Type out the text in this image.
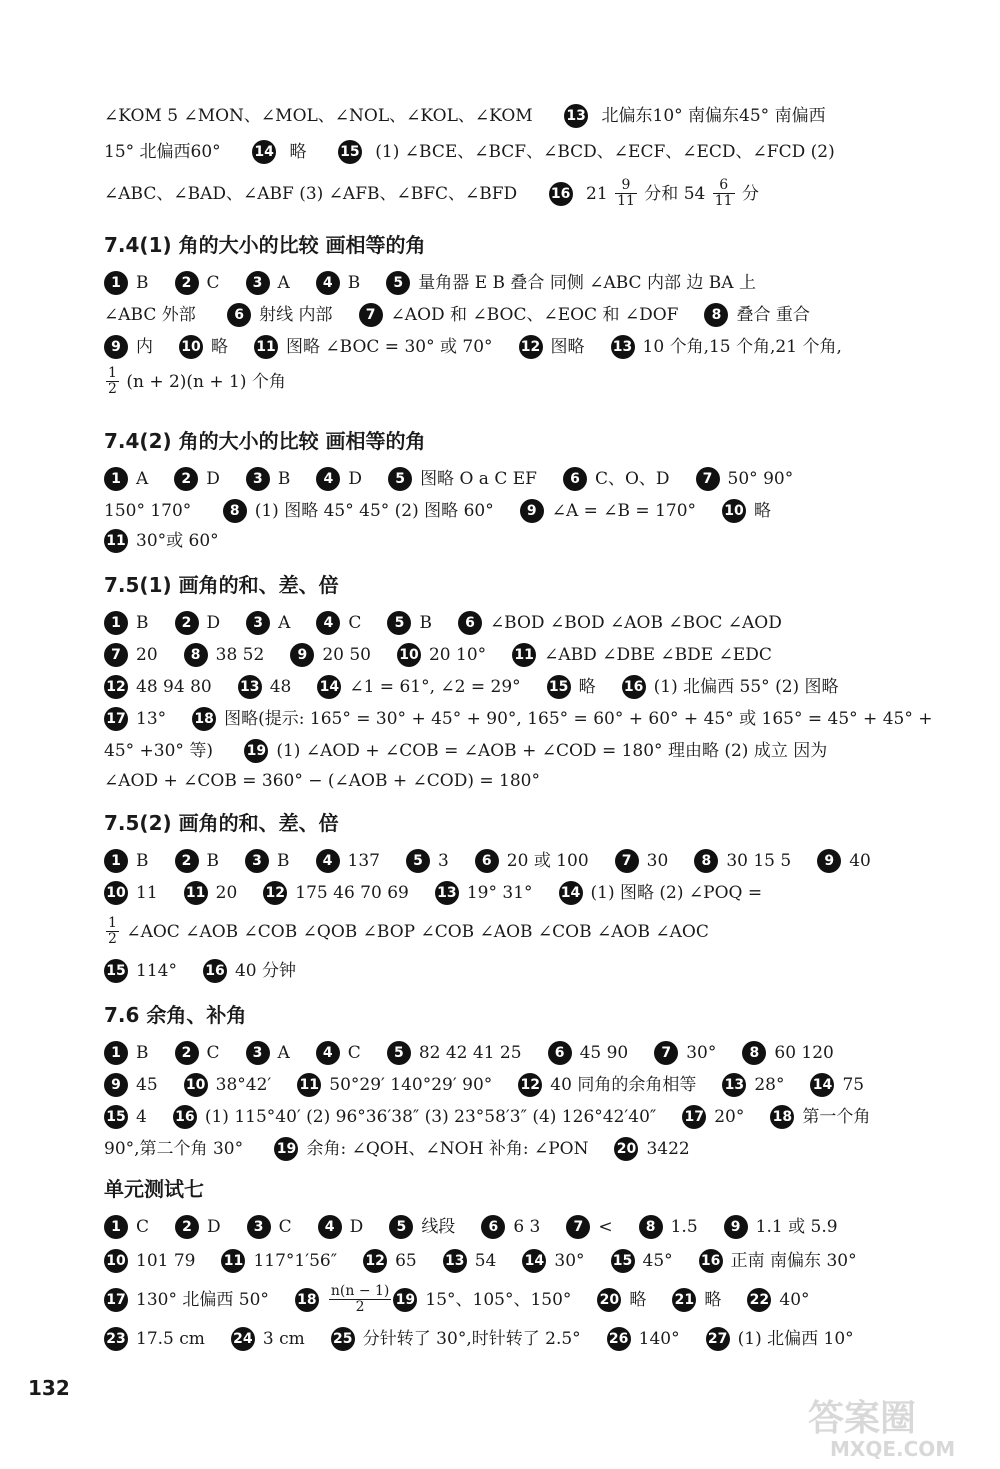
∠KOM 5 ∠MON、∠MOL、∠NOL、∠KOL、∠KOM 13 北偏东10° 南偏东45° 南偏西
15° 北偏西60° 14 略 15 (1) ∠BCE、∠BCF、∠BCD、∠ECF、∠ECD、∠FCD (2)
∠ABC、∠BAD、∠ABF (3) ∠AFB、∠BFC、∠BFD 16 $21 \frac{9}{11}$ 分和 $54 \frac{6}{11}$ 分
7.4(1) 角的大小的比较 画相等的角
1 B 2 C 3 A 4 B 5 量角器 E B 叠合 同侧 ∠ABC 内部 边 BA 上
∠ABC 外部	6 射线 内部 7 ∠AOD 和 ∠BOC、∠EOC 和 ∠DOF 8 叠合 重合
9 内 10 略 11 图略 ∠BOC = 30° 或 70° 12 图略 13 10 个角,15 个角,21 个角,
$\frac{1}{2} (n + 2)(n + 1)$ 个角
7.4(2) 角的大小的比较 画相等的角
1 A 2 D 3 B 4 D 5 图略 O a C EF 6 C、O、D 7 50° 90°
150° 170°	8 (1) 图略 45° 45° (2) 图略 60° 9 ∠A = ∠B = 170° 10 略
11 30°或 60°
7.5(1) 画角的和、差、倍
1 B 2 D 3 A 4 C 5 B 6 ∠BOD ∠BOD ∠AOB ∠BOC ∠AOD
7 20 8 38 52 9 20 50 10 20 10° 11 ∠ABD ∠DBE ∠BDE ∠EDC
12 48 94 80 13 48 14 ∠1 = 61°, ∠2 = 29° 15 略 16 (1) 北偏西 55° (2) 图略
17 13° 18 图略(提示: 165° = 30° + 45° + 90°, 165° = 60° + 60° + 45° 或 165° = 45° + 45° +
45° +30° 等) 19 (1) ∠AOD + ∠COB = ∠AOB + ∠COD = 180° 理由略 (2) 成立 因为
∠AOD + ∠COB = 360° − (∠AOB + ∠COD) = 180°
7.5(2) 画角的和、差、倍
1 B 2 B 3 B 4 137 5 3 6 20 或 100 7 30 8 30 15 5 9 40
10 11 11 20 12 175 46 70 69 13 19° 31° 14 (1) 图略 (2) ∠POQ =
$\frac{1}{2}$ ∠AOC ∠AOB ∠COB ∠QOB ∠BOP ∠COB ∠AOB ∠COB ∠AOB ∠AOC
15 114° 16 40 分钟
7.6 余角、补角
1 B 2 C 3 A 4 C 5 82 42 41 25 6 45 90 7 30° 8 60 120
9 45 10 38°42′ 11 50°29′ 140°29′ 90° 12 40 同角的余角相等 13 28° 14 75
15 4 16 (1) 115°40′ (2) 96°36′38″ (3) 23°58′3″ (4) 126°42′40″ 17 20° 18 第一个角
90°,第二个角 30° 19 余角: ∠QOH、∠NOH 补角: ∠PON 20 3422
单元测试七
1 C 2 D 3 C 4 D 5 线段 6 6 3 7 < 8 1.5 9 1.1 或 5.9
10 101 79 11 117°1′56″ 12 65 13 54 14 30° 15 45° 16 正南 南偏东 30°
17 130° 北偏西 50° $18 \frac{n(n - 1)}{2} 19$ 15°、105°、150° 20 略 21 略 22 40°
23 17.5 cm 24 3 cm 25 分针转了 30°,时针转了 2.5° 26 140° 27 (1) 北偏西 10°
132
答案圈
MXQE.COM
